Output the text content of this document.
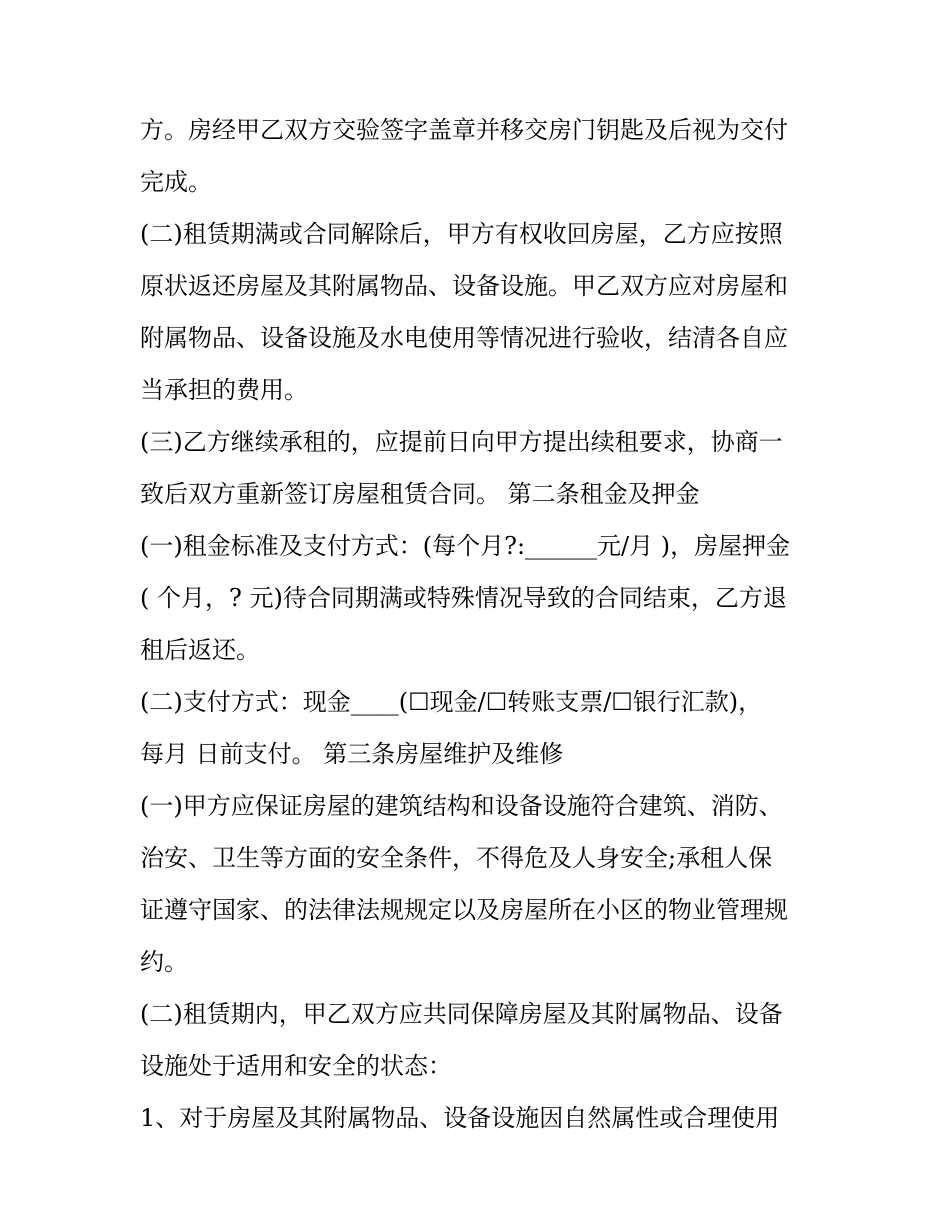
方。房经甲乙双方交验签字盖章并移交房门钥匙及后视为交付
完成。
(二)租赁期满或合同解除后，甲方有权收回房屋，乙方应按照
原状返还房屋及其附属物品、设备设施。甲乙双方应对房屋和
附属物品、设备设施及水电使用等情况进行验收，结清各自应
当承担的费用。
(三)乙方继续承租的，应提前日向甲方提出续租要求，协商一
致后双方重新签订房屋租赁合同。 第二条租金及押金
(一)租金标准及支付方式：(每个月?:______元/月 )，房屋押金
( 个月，? 元)待合同期满或特殊情况导致的合同结束，乙方退
租后返还。
(二)支付方式：现金____(☐现金/☐转账支票/☐银行汇款)，
每月 日前支付。 第三条房屋维护及维修
(一)甲方应保证房屋的建筑结构和设备设施符合建筑、消防、
治安、卫生等方面的安全条件，不得危及人身安全;承租人保
证遵守国家、的法律法规规定以及房屋所在小区的物业管理规
约。
(二)租赁期内，甲乙双方应共同保障房屋及其附属物品、设备
设施处于适用和安全的状态：
1、对于房屋及其附属物品、设备设施因自然属性或合理使用
